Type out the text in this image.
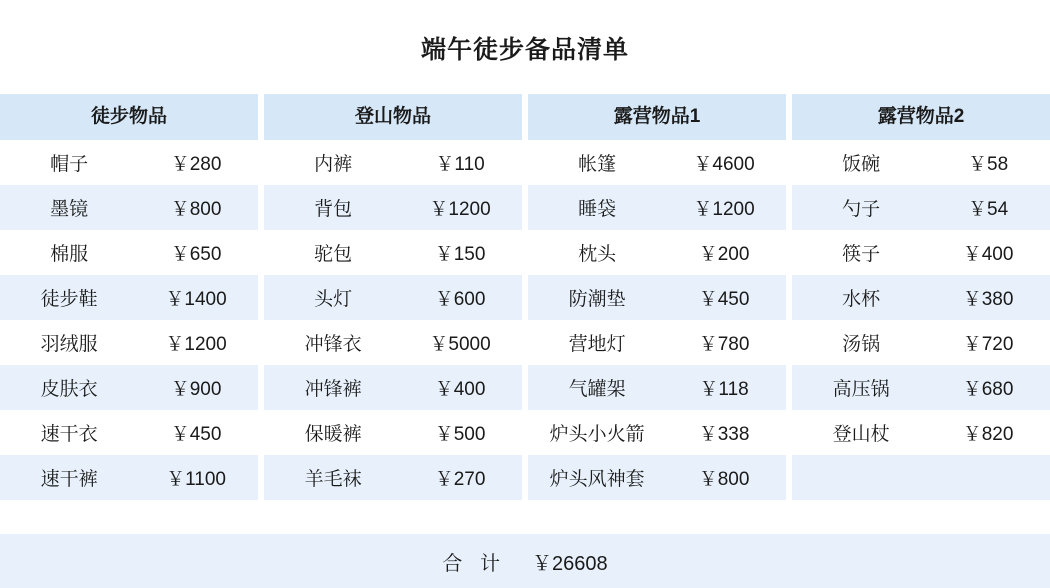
端午徒步备品清单
徒步物品
帽子	￥280
墨镜	￥800
棉服	￥650
徒步鞋	￥1400
羽绒服	￥1200
皮肤衣	￥900
速干衣	￥450
速干裤	￥1100
登山物品
内裤	￥110
背包	￥1200
驼包	￥150
头灯	￥600
冲锋衣	￥5000
冲锋裤	￥400
保暖裤	￥500
羊毛袜	￥270
露营物品1
帐篷	￥4600
睡袋	￥1200
枕头	￥200
防潮垫	￥450
营地灯	￥780
气罐架	￥118
炉头小火箭	￥338
炉头风神套	￥800
露营物品2
饭碗	￥58
勺子	￥54
筷子	￥400
水杯	￥380
汤锅	￥720
高压锅	￥680
登山杖	￥820
合 计 ￥26608
